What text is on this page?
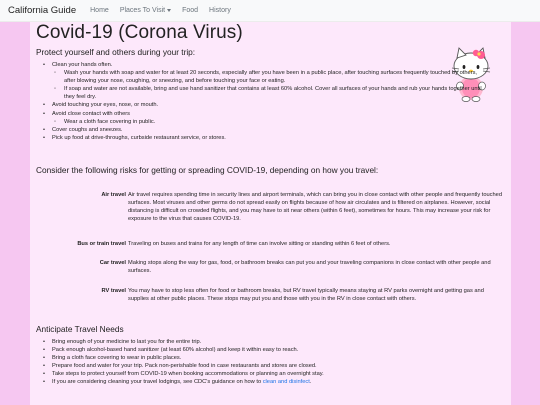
California Guide Home Places To Visit	Food History
Covid-19 (Corona Virus)
Protect yourself and others during your trip:
• Clean your hands often.
◦ Wash your hands with soap and water for at least 20 seconds, especially after you have been in a public place, after touching surfaces frequently touched by others, after blowing your nose, coughing, or sneezing, and before touching your face or eating.
◦ If soap and water are not available, bring and use hand sanitizer that contains at least 60% alcohol. Cover all surfaces of your hands and rub your hands together until they feel dry.
• Avoid touching your eyes, nose, or mouth.
• Avoid close contact with others
◦ Wear a cloth face covering in public.
• Cover coughs and sneezes.
• Pick up food at drive-throughs, curbside restaurant service, or stores.
Consider the following risks for getting or spreading COVID-19, depending on how you travel:
Air travel Air travel requires spending time in security lines and airport terminals, which can bring you in close contact with other people and frequently touched surfaces. Most viruses and other germs do not spread easily on flights because of how air circulates and is filtered on airplanes. However, social distancing is difficult on crowded flights, and you may have to sit near others (within 6 feet), sometimes for hours. This may increase your risk for exposure to the virus that causes COVID-19.
Bus or train travel Traveling on buses and trains for any length of time can involve sitting or standing within 6 feet of others.
Car travel Making stops along the way for gas, food, or bathroom breaks can put you and your traveling companions in close contact with other people and surfaces.
RV travel You may have to stop less often for food or bathroom breaks, but RV travel typically means staying at RV parks overnight and getting gas and supplies at other public places. These stops may put you and those with you in the RV in close contact with others.
Anticipate Travel Needs
• Bring enough of your medicine to last you for the entire trip.
• Pack enough alcohol-based hand sanitizer (at least 60% alcohol) and keep it within easy to reach.
• Bring a cloth face covering to wear in public places.
• Prepare food and water for your trip. Pack non-perishable food in case restaurants and stores are closed.
• Take steps to protect yourself from COVID-19 when booking accommodations or planning an overnight stay.
• If you are considering cleaning your travel lodgings, see CDC's guidance on how to clean and disinfect.
